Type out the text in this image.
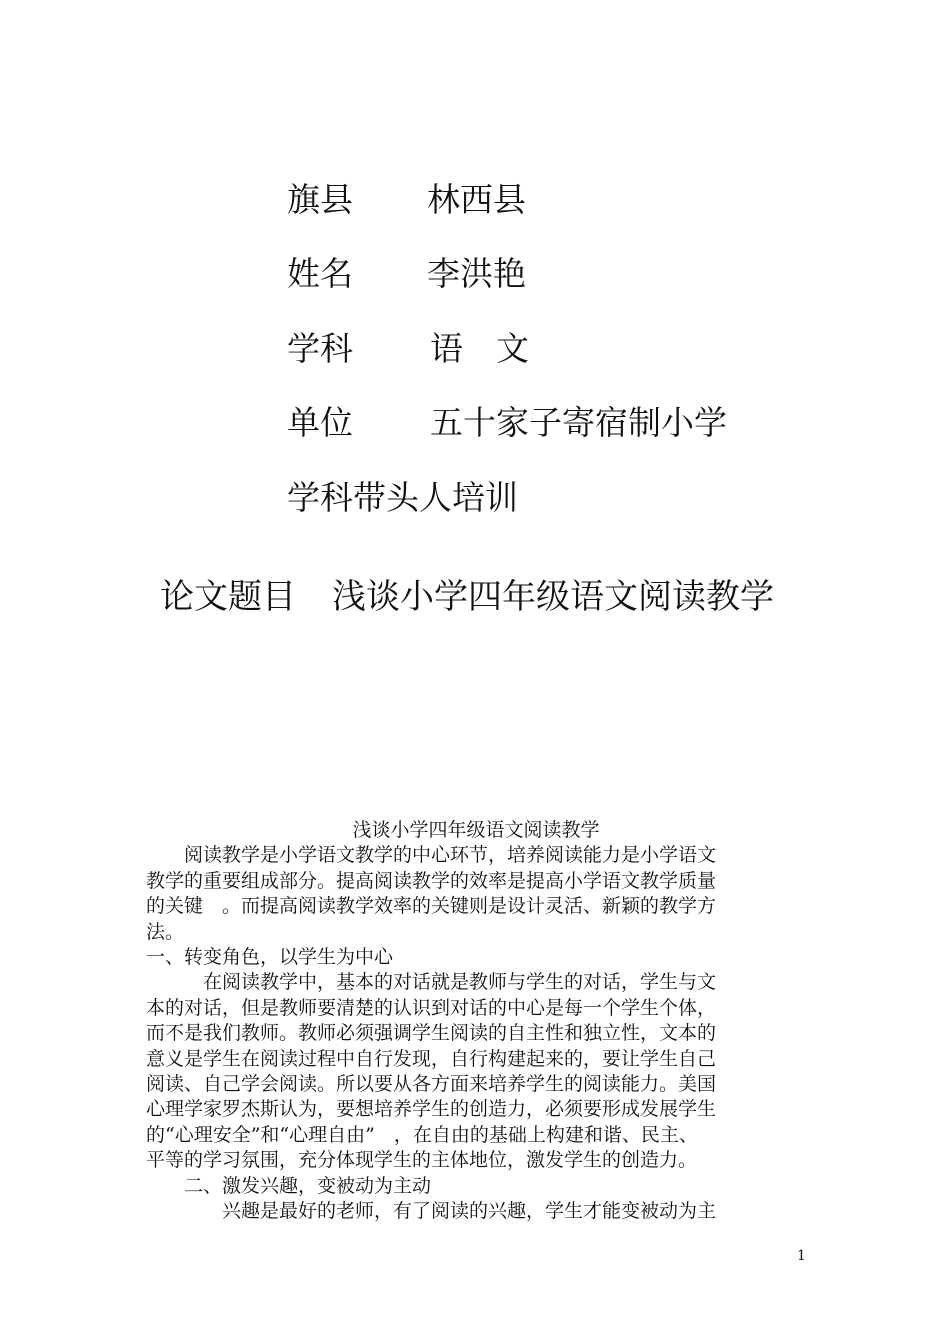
旗县 林西县
姓名 李洪艳
学科 语　文
单位 五十家子寄宿制小学
学科带头人培训
论文题目 浅谈小学四年级语文阅读教学
浅谈小学四年级语文阅读教学
　　阅读教学是小学语文教学的中心环节，培养阅读能力是小学语文
教学的重要组成部分。提高阅读教学的效率是提高小学语文教学质量
的关键　。而提高阅读教学效率的关键则是设计灵活、新颖的教学方
法。
一、转变角色，以学生为中心
　　　在阅读教学中，基本的对话就是教师与学生的对话，学生与文
本的对话，但是教师要清楚的认识到对话的中心是每一个学生个体，
而不是我们教师。教师必须强调学生阅读的自主性和独立性，文本的
意义是学生在阅读过程中自行发现，自行构建起来的，要让学生自己
阅读、自己学会阅读。所以要从各方面来培养学生的阅读能力。美国
心理学家罗杰斯认为，要想培养学生的创造力，必须要形成发展学生
的“心理安全”和“心理自由”　，在自由的基础上构建和谐、民主、
平等的学习氛围，充分体现学生的主体地位，激发学生的创造力。
　　二、激发兴趣，变被动为主动
　　　　兴趣是最好的老师，有了阅读的兴趣，学生才能变被动为主
1
